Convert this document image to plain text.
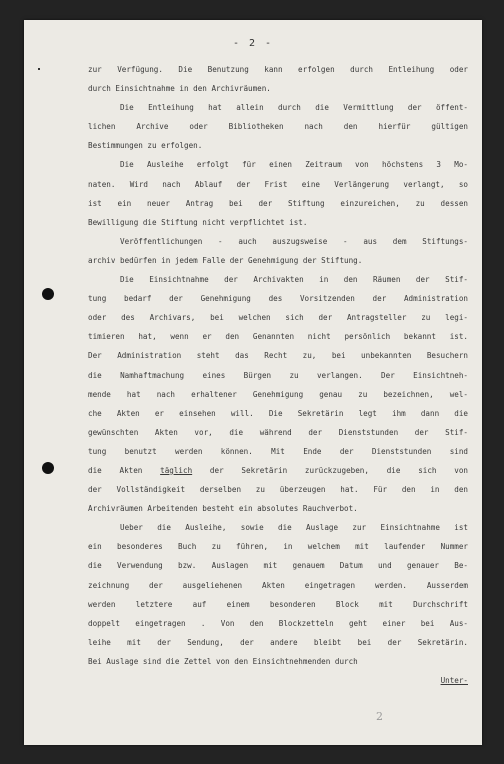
- 2 -
zur Verfügung. Die Benutzung kann erfolgen durch Entleihung oder
durch Einsichtnahme in den Archivräumen.
Die Entleihung hat allein durch die Vermittlung der öffent-
lichen Archive oder Bibliotheken nach den hierfür gültigen
Bestimmungen zu erfolgen.
Die Ausleihe erfolgt für einen Zeitraum von höchstens 3 Mo-
naten. Wird nach Ablauf der Frist eine Verlängerung verlangt, so
ist ein neuer Antrag bei der Stiftung einzureichen, zu dessen
Bewilligung die Stiftung nicht verpflichtet ist.
Veröffentlichungen - auch auszugsweise - aus dem Stiftungs-
archiv bedürfen in jedem Falle der Genehmigung der Stiftung.
Die Einsichtnahme der Archivakten in den Räumen der Stif-
tung bedarf der Genehmigung des Vorsitzenden der Administration
oder des Archivars, bei welchen sich der Antragsteller zu legi-
timieren hat, wenn er den Genannten nicht persönlich bekannt ist.
Der Administration steht das Recht zu, bei unbekannten Besuchern
die Namhaftmachung eines Bürgen zu verlangen. Der Einsichtneh-
mende hat nach erhaltener Genehmigung genau zu bezeichnen, wel-
che Akten er einsehen will. Die Sekretärin legt ihm dann die
gewünschten Akten vor, die während der Dienststunden der Stif-
tung benutzt werden können. Mit Ende der Dienststunden sind
die Akten täglich der Sekretärin zurückzugeben, die sich von
der Vollständigkeit derselben zu überzeugen hat. Für den in den
Archivräumen Arbeitenden besteht ein absolutes Rauchverbot.
Ueber die Ausleihe, sowie die Auslage zur Einsichtnahme ist
ein besonderes Buch zu führen, in welchem mit laufender Nummer
die Verwendung bzw. Auslagen mit genauem Datum und genauer Be-
zeichnung der ausgeliehenen Akten eingetragen werden. Ausserdem
werden letztere auf einem besonderen Block mit Durchschrift
doppelt eingetragen . Von den Blockzetteln geht einer bei Aus-
leihe mit der Sendung, der andere bleibt bei der Sekretärin.
Bei Auslage sind die Zettel von den Einsichtnehmenden durch
Unter-
2
